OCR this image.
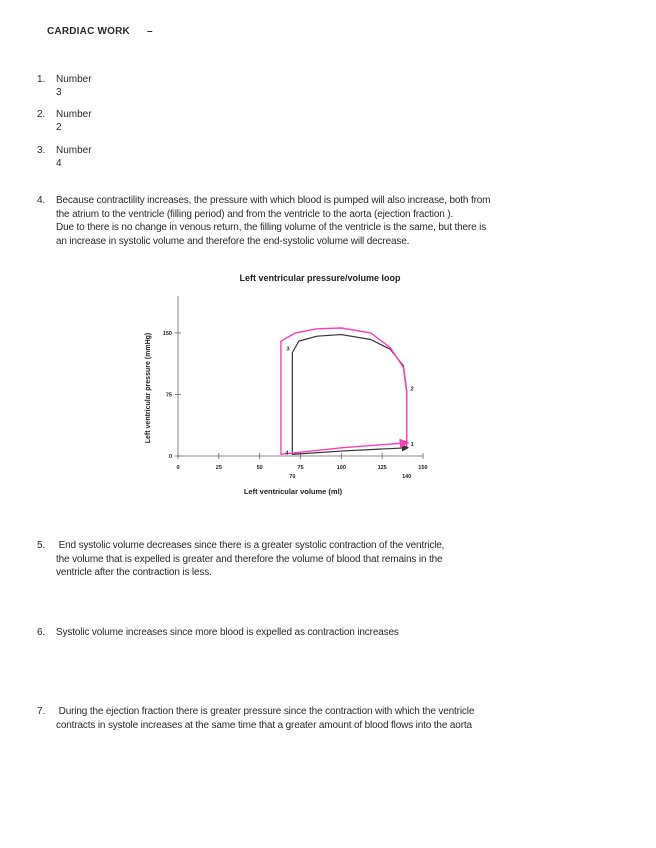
CARDIAC WORK –
1. Number 3
2. Number 2
3. Number 4
4. Because contractility increases, the pressure with which blood is pumped will also increase, both from
the atrium to the ventricle (filling period) and from the ventricle to the aorta (ejection fraction ).
Due to there is no change in venous return, the filling volume of the ventricle is the same, but there is
an increase in systolic volume and therefore the end-systolic volume will decrease.
Left ventricular pressure/volume loop
Left ventricular pressure (mmHg)
Left ventricular volume (ml)
0	25	50	75	100	125	150
70	140
0
75
150
1
2
3
4
5. End systolic volume decreases since there is a greater systolic contraction of the ventricle,
the volume that is expelled is greater and therefore the volume of blood that remains in the
ventricle after the contraction is less.
6. Systolic volume increases since more blood is expelled as contraction increases
7. During the ejection fraction there is greater pressure since the contraction with which the ventricle
contracts in systole increases at the same time that a greater amount of blood flows into the aorta
